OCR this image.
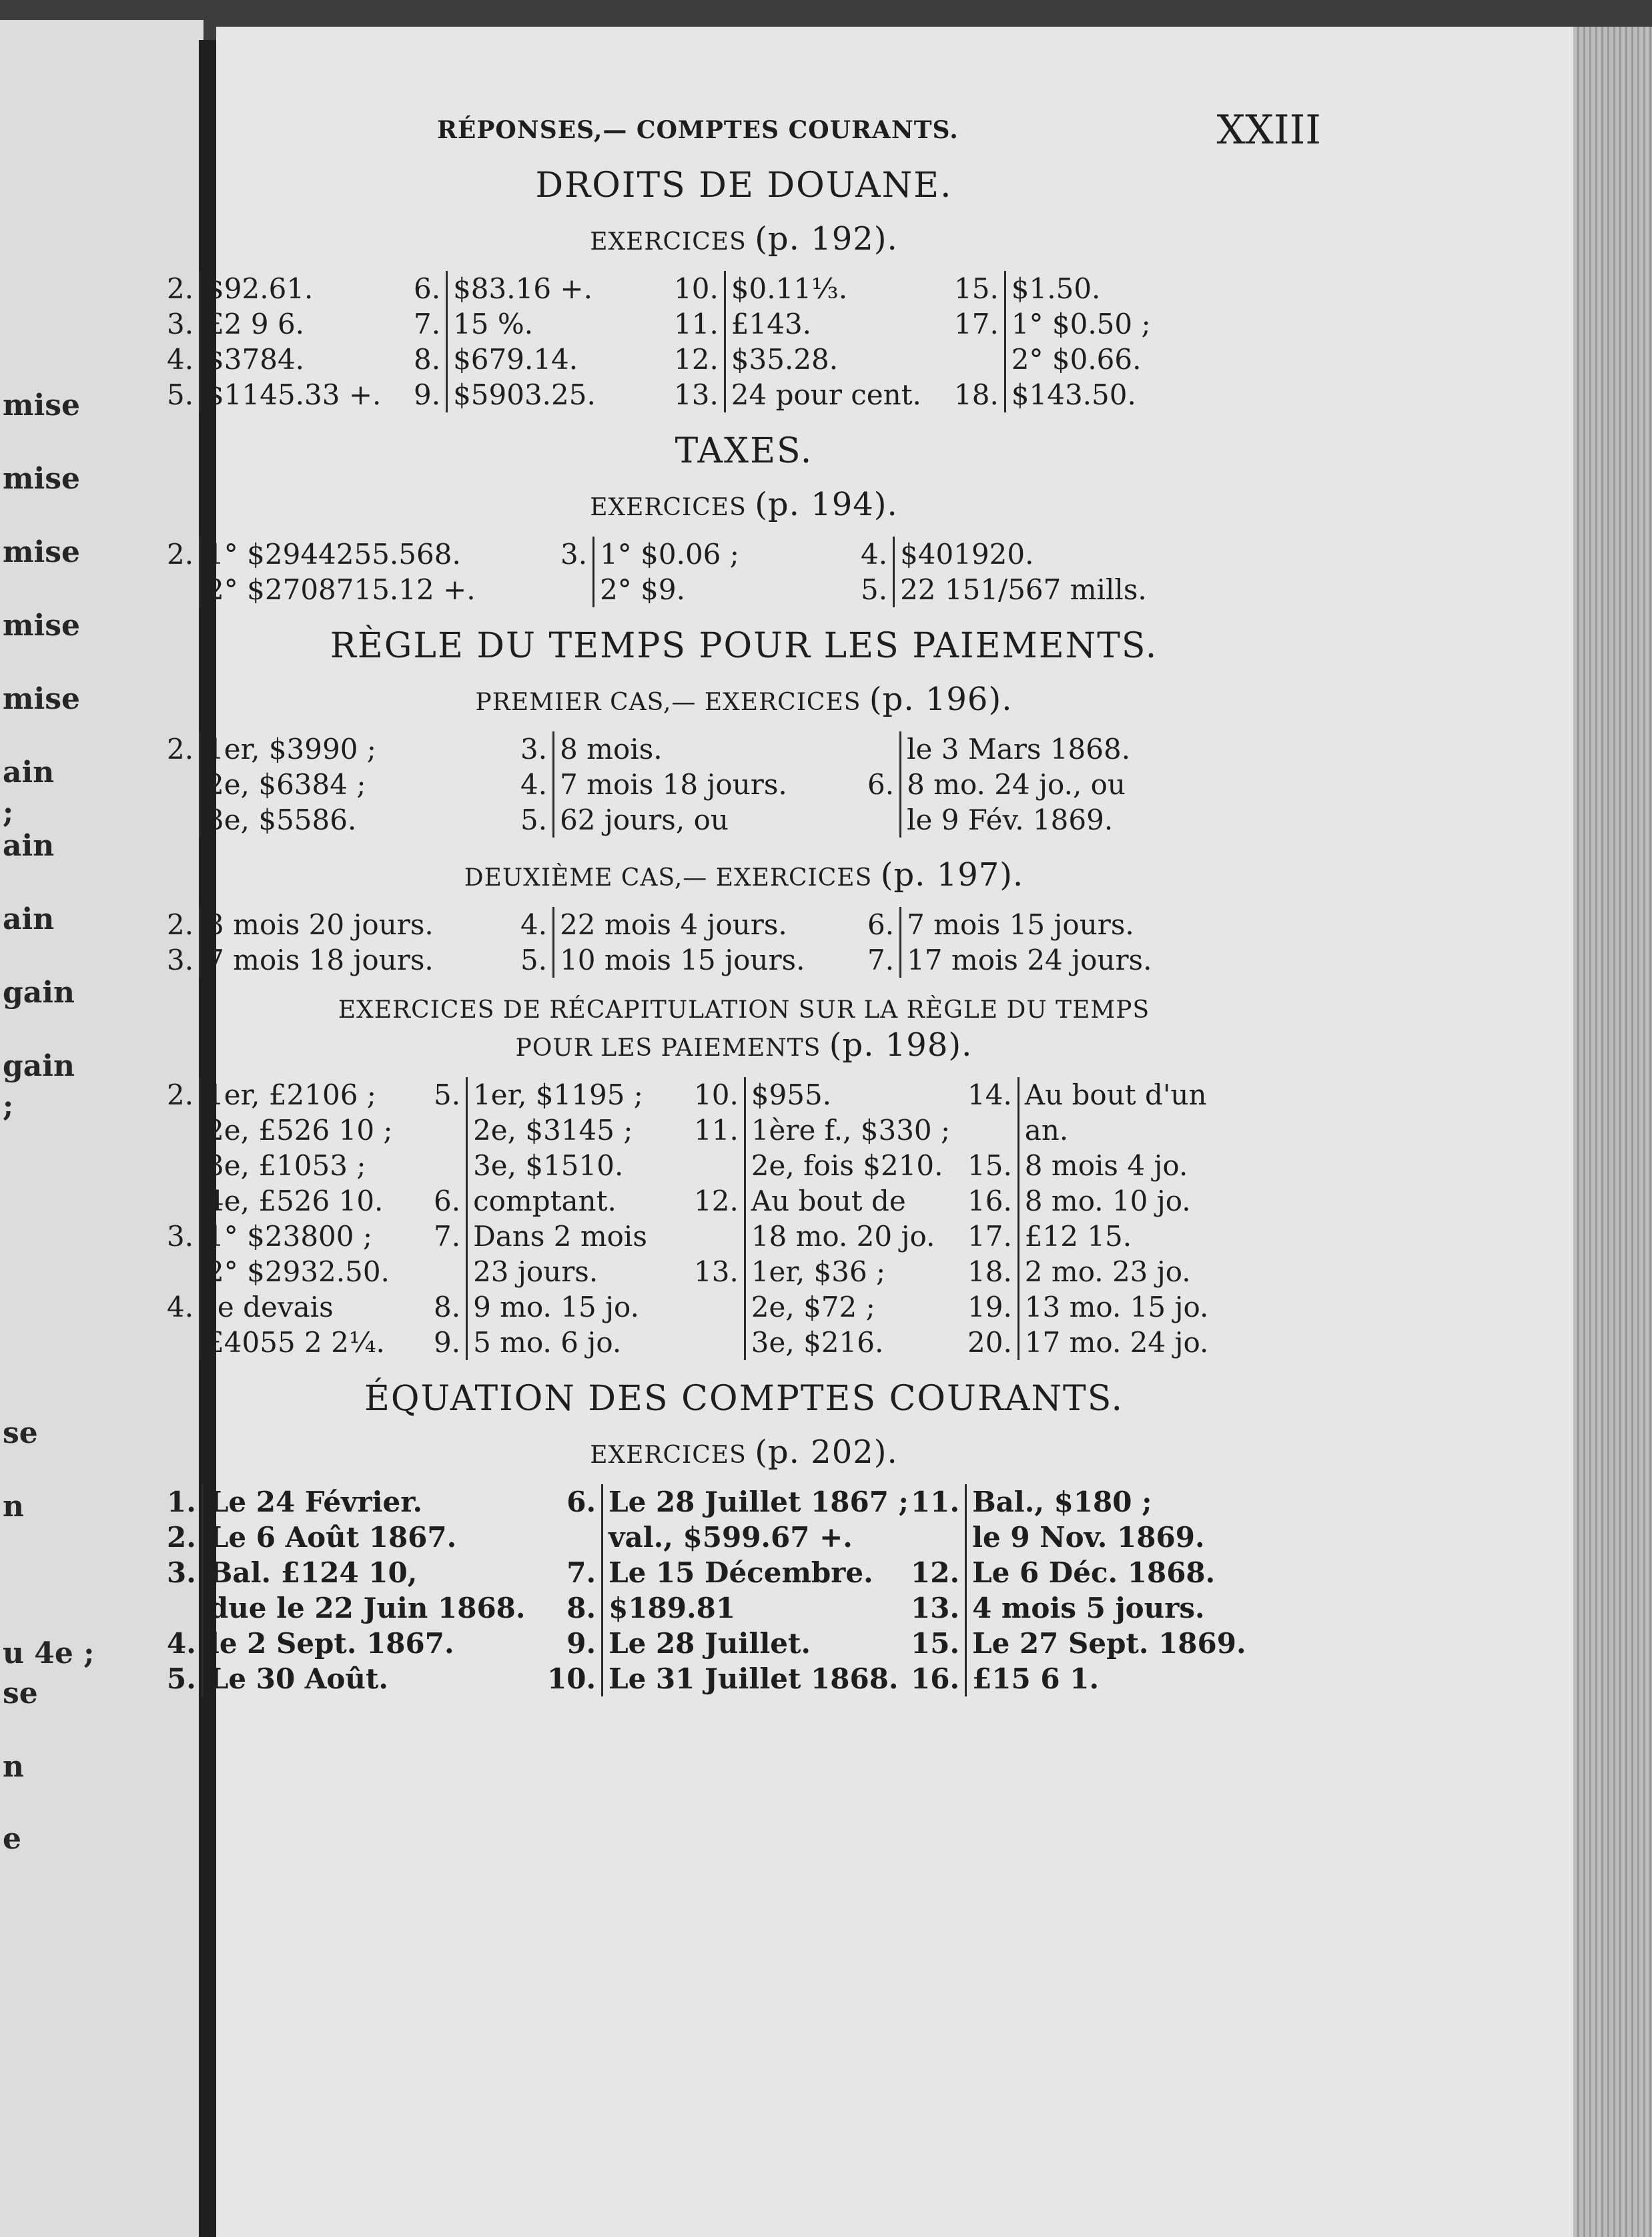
mise
mise
mise
mise
mise
ain
;
ain
ain
gain
gain
;
se
n
u 4e ;
se
n
e
RÉPONSES,— COMPTES COURANTS.	XXIII
DROITS DE DOUANE.
EXERCICES (p. 192).
2. $92.61.
3. £2 9 6.
4. $3784.
5. $1145.33 +.
6. $83.16 +.
7. 15 %.
8. $679.14.
9. $5903.25.
10. $0.11⅓.
11. £143.
12. $35.28.
13. 24 pour cent.
15. $1.50.
17. 1° $0.50 ;
2° $0.66.
18. $143.50.
TAXES.
EXERCICES (p. 194).
2. 1° $2944255.568.
2° $2708715.12 +.
3. 1° $0.06 ;
2° $9.
4. $401920.
5. 22 151/567 mills.
RÈGLE DU TEMPS POUR LES PAIEMENTS.
PREMIER CAS,— EXERCICES (p. 196).
2. 1er, $3990 ;
2e, $6384 ;
3e, $5586.
3. 8 mois.
4. 7 mois 18 jours.
5. 62 jours, ou
le 3 Mars 1868.
6. 8 mo. 24 jo., ou
le 9 Fév. 1869.
DEUXIÈME CAS,— EXERCICES (p. 197).
2. 3 mois 20 jours.
3. 7 mois 18 jours.
4. 22 mois 4 jours.
5. 10 mois 15 jours.
6. 7 mois 15 jours.
7. 17 mois 24 jours.
EXERCICES DE RÉCAPITULATION SUR LA RÈGLE DU TEMPS
POUR LES PAIEMENTS (p. 198).
2. 1er, £2106 ;
2e, £526 10 ;
3e, £1053 ;
4e, £526 10.
3. 1° $23800 ;
2° $2932.50.
4. Je devais
£4055 2 2¼.
5. 1er, $1195 ;
2e, $3145 ;
3e, $1510.
6. comptant.
7. Dans 2 mois
23 jours.
8. 9 mo. 15 jo.
9. 5 mo. 6 jo.
10. $955.
11. 1ère f., $330 ;
2e, fois $210.
12. Au bout de
18 mo. 20 jo.
13. 1er, $36 ;
2e, $72 ;
3e, $216.
14. Au bout d'un
an.
15. 8 mois 4 jo.
16. 8 mo. 10 jo.
17. £12 15.
18. 2 mo. 23 jo.
19. 13 mo. 15 jo.
20. 17 mo. 24 jo.
ÉQUATION DES COMPTES COURANTS.
EXERCICES (p. 202).
1. Le 24 Février.
2. Le 6 Août 1867.
3. Bal. £124 10,
due le 22 Juin 1868.
4. le 2 Sept. 1867.
5. Le 30 Août.
6. Le 28 Juillet 1867 ;
val., $599.67 +.
7. Le 15 Décembre.
8. $189.81
9. Le 28 Juillet.
10. Le 31 Juillet 1868.
11. Bal., $180 ;
le 9 Nov. 1869.
12. Le 6 Déc. 1868.
13. 4 mois 5 jours.
15. Le 27 Sept. 1869.
16. £15 6 1.
